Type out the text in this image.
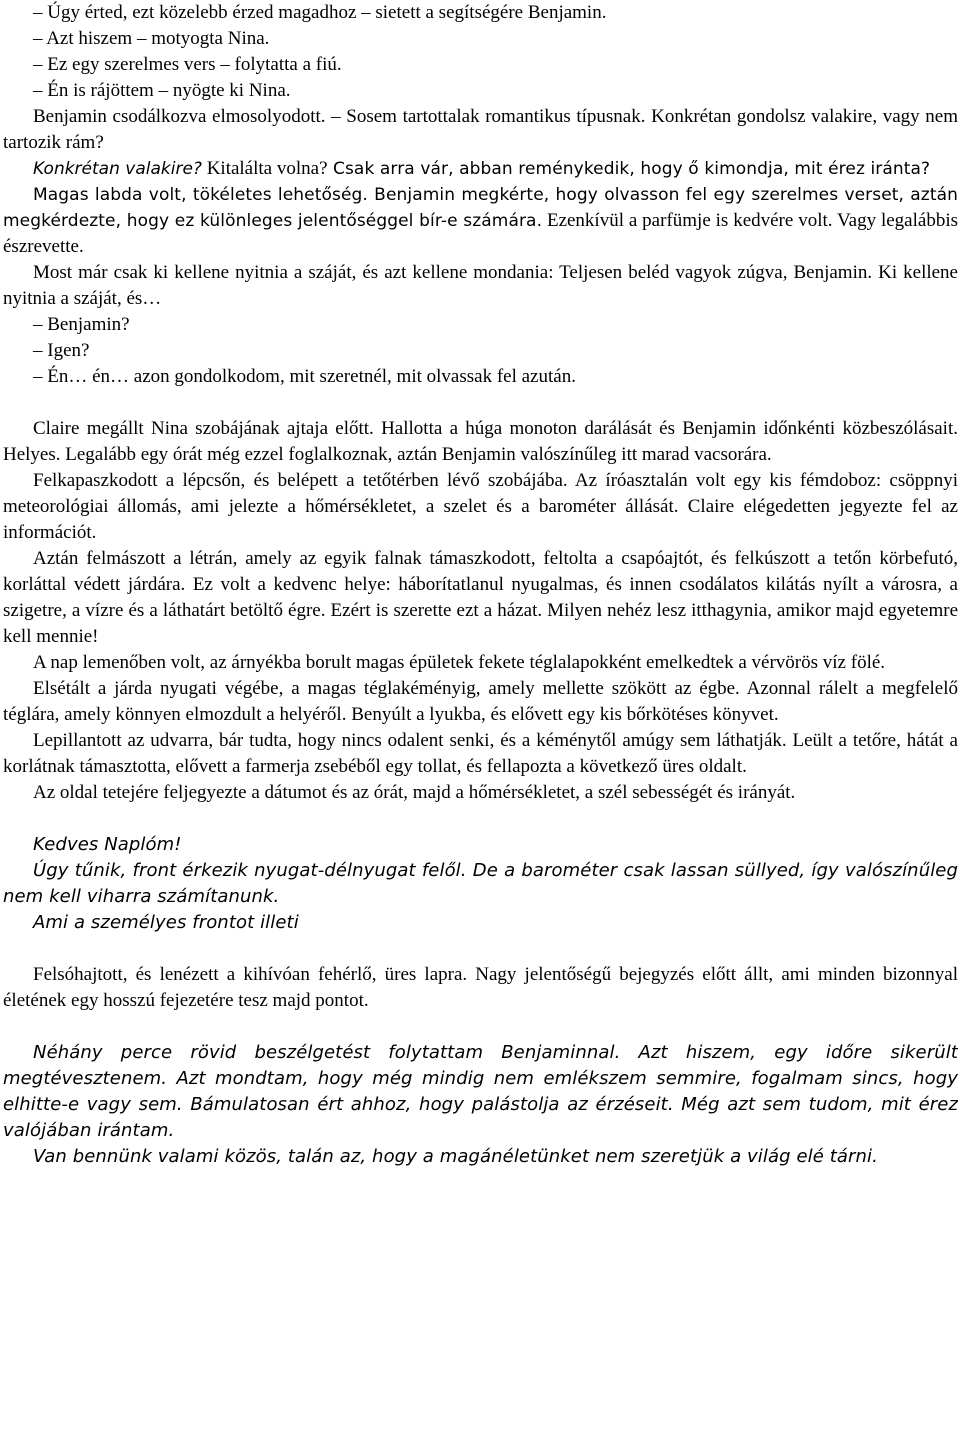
– Úgy érted, ezt közelebb érzed magadhoz – sietett a segítségére Benjamin.

– Azt hiszem – motyogta Nina.

– Ez egy szerelmes vers – folytatta a fiú.

– Én is rájöttem – nyögte ki Nina.

Benjamin csodálkozva elmosolyodott. – Sosem tartottalak romantikus típusnak. Konkrétan gondolsz valakire, vagy nem tartozik rám?

Konkrétan valakire? Kitalálta volna? Csak arra vár, abban reménykedik, hogy ő kimondja, mit érez iránta?

Magas labda volt, tökéletes lehetőség. Benjamin megkérte, hogy olvasson fel egy szerelmes verset, aztán megkérdezte, hogy ez különleges jelentőséggel bír-e számára. Ezenkívül a parfümje is kedvére volt. Vagy legalábbis észrevette.

Most már csak ki kellene nyitnia a száját, és azt kellene mondania: Teljesen beléd vagyok zúgva, Benjamin. Ki kellene nyitnia a száját, és…

– Benjamin?

– Igen?

– Én… én… azon gondolkodom, mit szeretnél, mit olvassak fel azután.

Claire megállt Nina szobájának ajtaja előtt. Hallotta a húga monoton darálását és Benjamin időnkénti közbeszólásait. Helyes. Legalább egy órát még ezzel foglalkoznak, aztán Benjamin valószínűleg itt marad vacsorára.

Felkapaszkodott a lépcsőn, és belépett a tetőtérben lévő szobájába. Az íróasztalán volt egy kis fémdoboz: csöppnyi meteorológiai állomás, ami jelezte a hőmérsékletet, a szelet és a barométer állását. Claire elégedetten jegyezte fel az információt.

Aztán felmászott a létrán, amely az egyik falnak támaszkodott, feltolta a csapóajtót, és felkúszott a tetőn körbefutó, korláttal védett járdára. Ez volt a kedvenc helye: háborítatlanul nyugalmas, és innen csodálatos kilátás nyílt a városra, a szigetre, a vízre és a láthatárt betöltő égre. Ezért is szerette ezt a házat. Milyen nehéz lesz itthagynia, amikor majd egyetemre kell mennie!

A nap lemenőben volt, az árnyékba borult magas épületek fekete téglalapokként emelkedtek a vérvörös víz fölé.

Elsétált a járda nyugati végébe, a magas téglakéményig, amely mellette szökött az égbe. Azonnal rálelt a megfelelő téglára, amely könnyen elmozdult a helyéről. Benyúlt a lyukba, és elővett egy kis bőrkötéses könyvet.

Lepillantott az udvarra, bár tudta, hogy nincs odalent senki, és a kéménytől amúgy sem láthatják. Leült a tetőre, hátát a korlátnak támasztotta, elővett a farmerja zsebéből egy tollat, és fellapozta a következő üres oldalt.

Az oldal tetejére feljegyezte a dátumot és az órát, majd a hőmérsékletet, a szél sebességét és irányát.

Kedves Naplóm!

Úgy tűnik, front érkezik nyugat-délnyugat felől. De a barométer csak lassan süllyed, így valószínűleg nem kell viharra számítanunk.

Ami a személyes frontot illeti

Felsóhajtott, és lenézett a kihívóan fehérlő, üres lapra. Nagy jelentőségű bejegyzés előtt állt, ami minden bizonnyal életének egy hosszú fejezetére tesz majd pontot.

Néhány perce rövid beszélgetést folytattam Benjaminnal. Azt hiszem, egy időre sikerült megtévesztenem. Azt mondtam, hogy még mindig nem emlékszem semmire, fogalmam sincs, hogy elhitte-e vagy sem. Bámulatosan ért ahhoz, hogy palástolja az érzéseit. Még azt sem tudom, mit érez valójában irántam.

Van bennünk valami közös, talán az, hogy a magánéletünket nem szeretjük a világ elé tárni.
